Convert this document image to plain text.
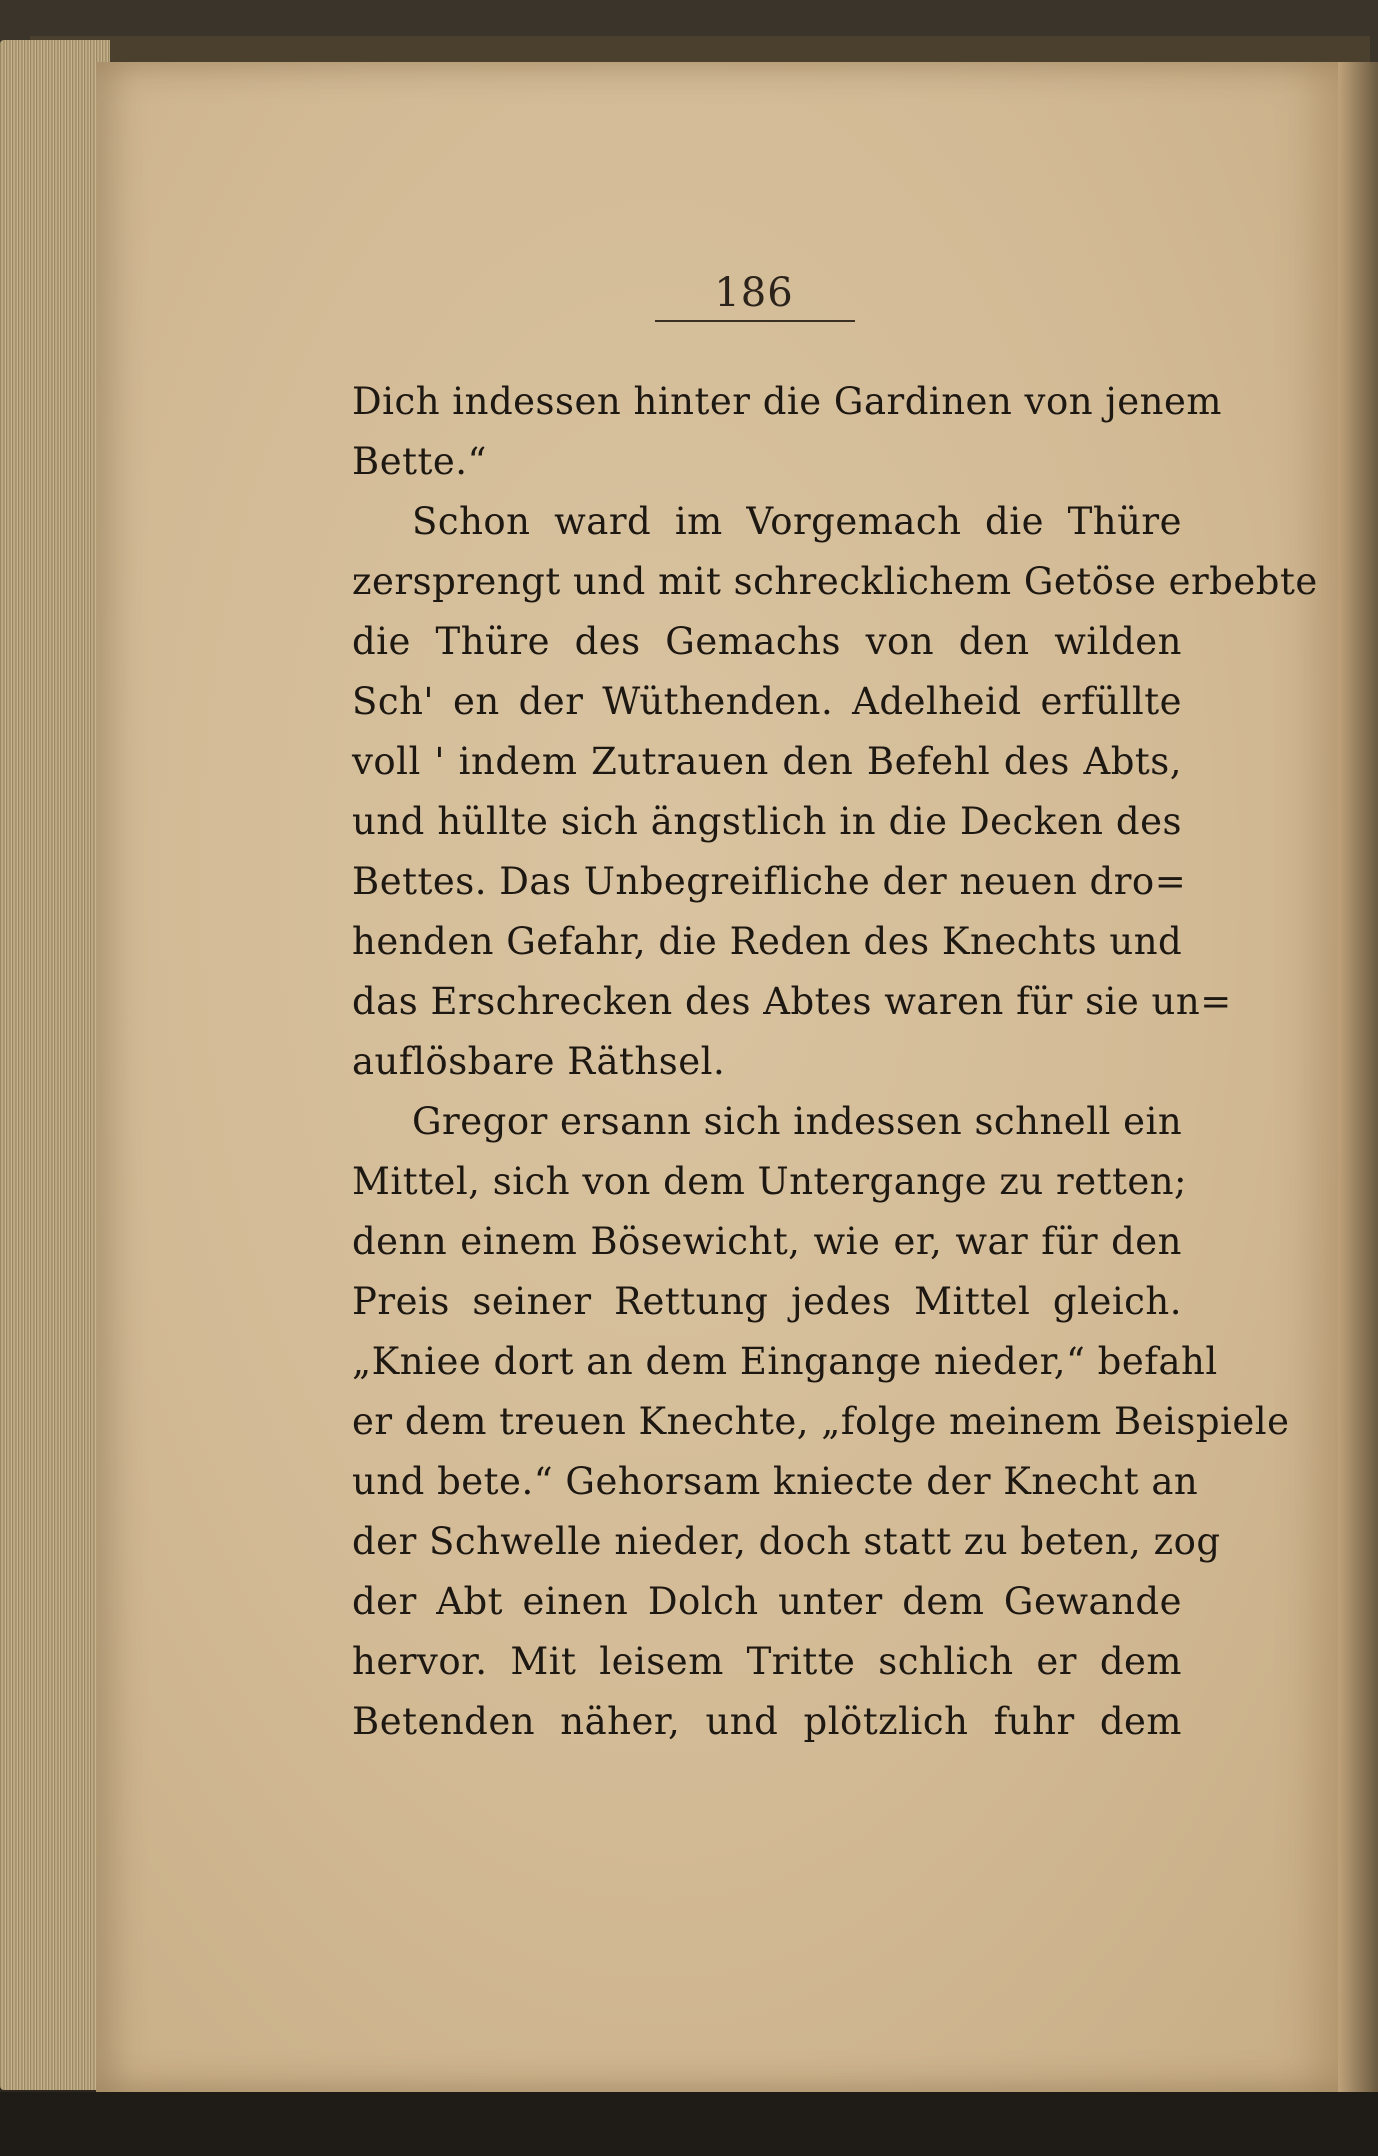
186
Dich indessen hinter die Gardinen von jenem
Bette.“
Schon ward im Vorgemach die Thüre
zersprengt und mit schrecklichem Getöse erbebte
die Thüre des Gemachs von den wilden
Sch' en der Wüthenden. Adelheid erfüllte
voll ' indem Zutrauen den Befehl des Abts,
und hüllte sich ängstlich in die Decken des
Bettes. Das Unbegreifliche der neuen dro=
henden Gefahr, die Reden des Knechts und
das Erschrecken des Abtes waren für sie un=
auflösbare Räthsel.
Gregor ersann sich indessen schnell ein
Mittel, sich von dem Untergange zu retten;
denn einem Bösewicht, wie er, war für den
Preis seiner Rettung jedes Mittel gleich.
„Kniee dort an dem Eingange nieder,“ befahl
er dem treuen Knechte, „folge meinem Beispiele
und bete.“ Gehorsam kniecte der Knecht an
der Schwelle nieder, doch statt zu beten, zog
der Abt einen Dolch unter dem Gewande
hervor. Mit leisem Tritte schlich er dem
Betenden näher, und plötzlich fuhr dem
